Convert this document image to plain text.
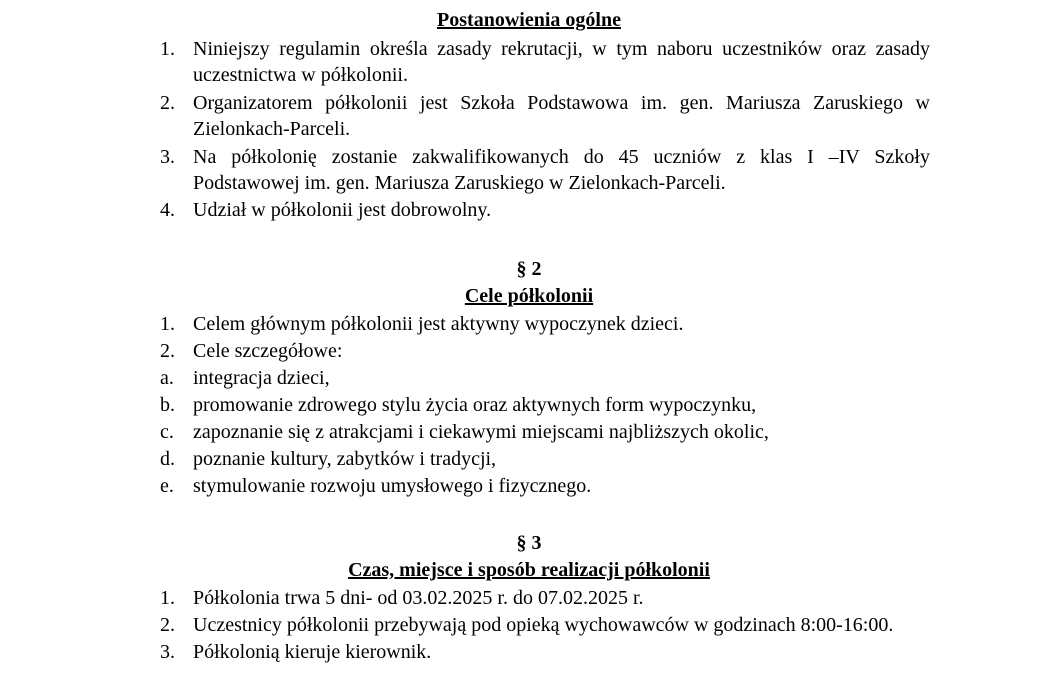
Postanowienia ogólne
1. Niniejszy regulamin określa zasady rekrutacji, w tym naboru uczestników oraz zasady
uczestnictwa w półkolonii.
2. Organizatorem półkolonii jest Szkoła Podstawowa im. gen. Mariusza Zaruskiego w
Zielonkach-Parceli.
3. Na półkolonię zostanie zakwalifikowanych do 45 uczniów z klas I –IV Szkoły
Podstawowej im. gen. Mariusza Zaruskiego w Zielonkach-Parceli.
4. Udział w półkolonii jest dobrowolny.
§ 2
Cele półkolonii
1. Celem głównym półkolonii jest aktywny wypoczynek dzieci.
2. Cele szczegółowe:
a. integracja dzieci,
b. promowanie zdrowego stylu życia oraz aktywnych form wypoczynku,
c. zapoznanie się z atrakcjami i ciekawymi miejscami najbliższych okolic,
d. poznanie kultury, zabytków i tradycji,
e. stymulowanie rozwoju umysłowego i fizycznego.
§ 3
Czas, miejsce i sposób realizacji półkolonii
1. Półkolonia trwa 5 dni- od 03.02.2025 r. do 07.02.2025 r.
2. Uczestnicy półkolonii przebywają pod opieką wychowawców w godzinach 8:00-16:00.
3. Półkolonią kieruje kierownik.
